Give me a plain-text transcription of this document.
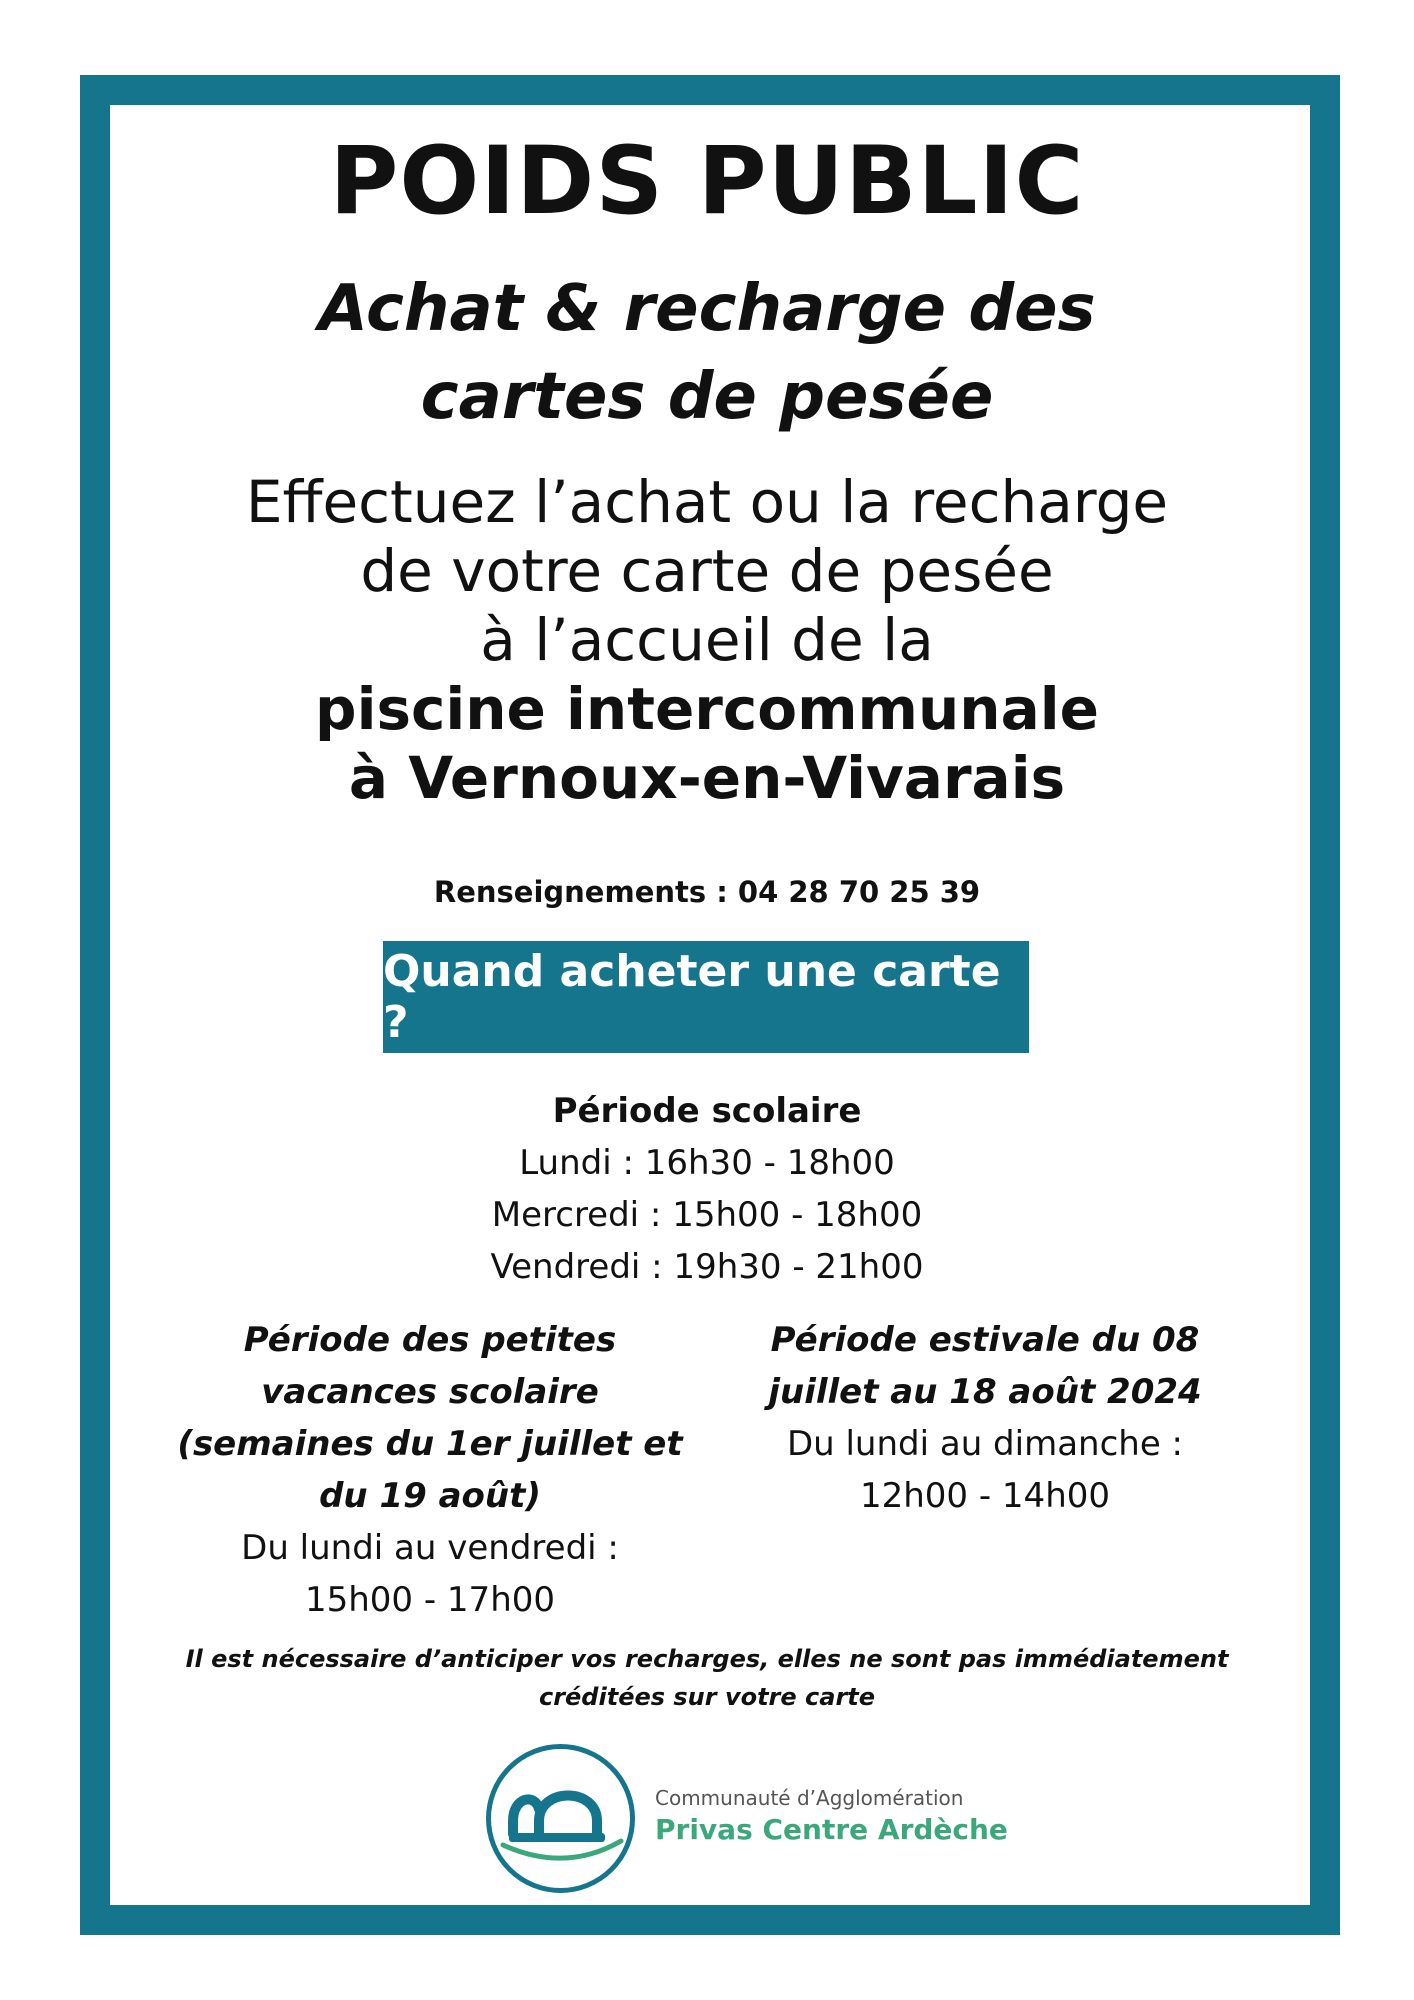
POIDS PUBLIC
Achat & recharge des
cartes de pesée
Effectuez l’achat ou la recharge
de votre carte de pesée
à l’accueil de la
piscine intercommunale
à Vernoux-en-Vivarais
Renseignements : 04 28 70 25 39
Quand acheter une carte ?
Période scolaire
Lundi : 16h30 - 18h00
Mercredi : 15h00 - 18h00
Vendredi : 19h30 - 21h00
Période des petites
vacances scolaire
(semaines du 1er juillet et
du 19 août)
Du lundi au vendredi :
15h00 - 17h00
Période estivale du 08
juillet au 18 août 2024
Du lundi au dimanche :
12h00 - 14h00
Il est nécessaire d’anticiper vos recharges, elles ne sont pas immédiatement
créditées sur votre carte
Communauté d’Agglomération
Privas Centre Ardèche
